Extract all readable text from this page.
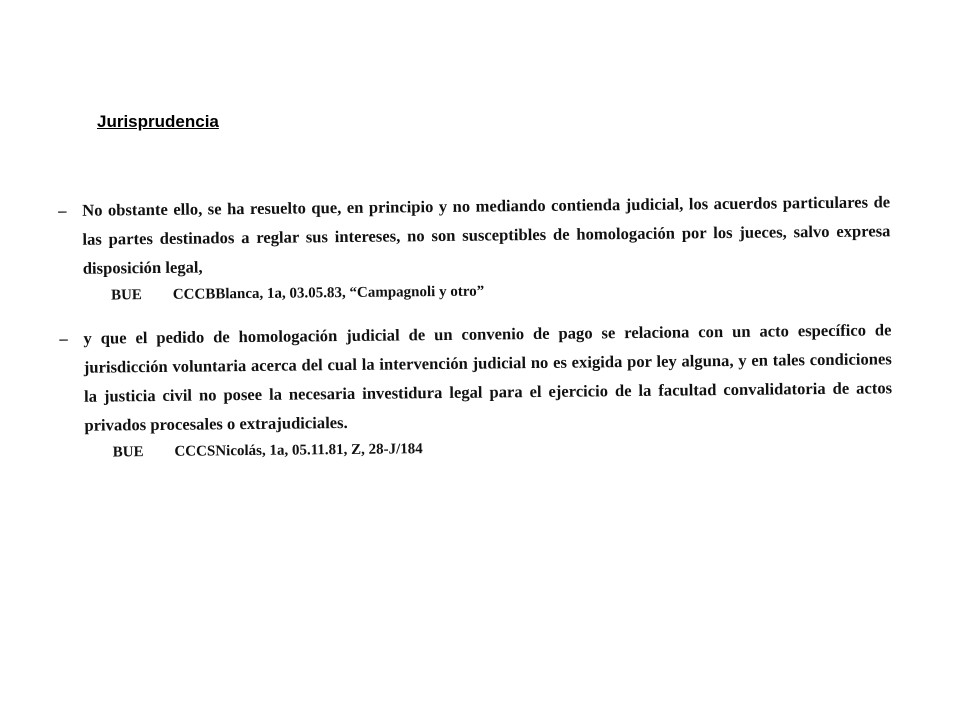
Jurisprudencia
– No obstante ello, se ha resuelto que, en principio y no mediando contienda judicial, los acuerdos particulares de las partes destinados a reglar sus intereses, no son susceptibles de homologación por los jueces, salvo expresa disposición legal,
BUE CCCBBlanca, 1a, 03.05.83, “Campagnoli y otro”
– y que el pedido de homologación judicial de un convenio de pago se relaciona con un acto específico de jurisdicción voluntaria acerca del cual la intervención judicial no es exigida por ley alguna, y en tales condiciones la justicia civil no posee la necesaria investidura legal para el ejercicio de la facultad convalidatoria de actos privados procesales o extrajudiciales.
BUE CCCSNicolás, 1a, 05.11.81, Z, 28-J/184
